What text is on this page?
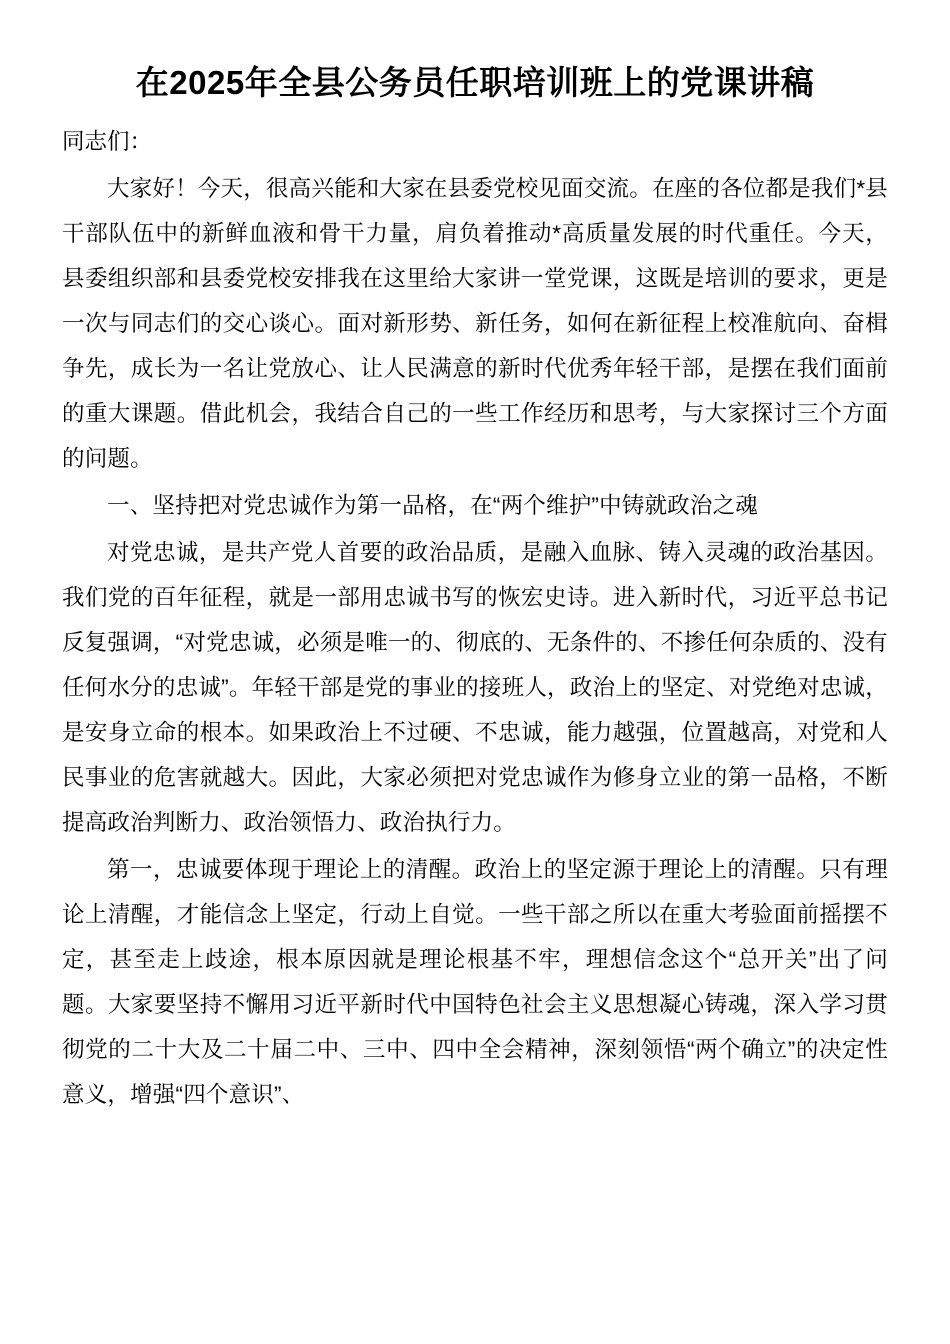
在2025年全县公务员任职培训班上的党课讲稿

同志们：

大家好！今天，很高兴能和大家在县委党校见面交流。在座的各位都是我们*县干部队伍中的新鲜血液和骨干力量，肩负着推动*高质量发展的时代重任。今天，县委组织部和县委党校安排我在这里给大家讲一堂党课，这既是培训的要求，更是一次与同志们的交心谈心。面对新形势、新任务，如何在新征程上校准航向、奋楫争先，成长为一名让党放心、让人民满意的新时代优秀年轻干部，是摆在我们面前的重大课题。借此机会，我结合自己的一些工作经历和思考，与大家探讨三个方面的问题。

一、坚持把对党忠诚作为第一品格，在“两个维护”中铸就政治之魂

对党忠诚，是共产党人首要的政治品质，是融入血脉、铸入灵魂的政治基因。我们党的百年征程，就是一部用忠诚书写的恢宏史诗。进入新时代，习近平总书记反复强调，“对党忠诚，必须是唯一的、彻底的、无条件的、不掺任何杂质的、没有任何水分的忠诚”。年轻干部是党的事业的接班人，政治上的坚定、对党绝对忠诚，是安身立命的根本。如果政治上不过硬、不忠诚，能力越强，位置越高，对党和人民事业的危害就越大。因此，大家必须把对党忠诚作为修身立业的第一品格，不断提高政治判断力、政治领悟力、政治执行力。

第一，忠诚要体现于理论上的清醒。政治上的坚定源于理论上的清醒。只有理论上清醒，才能信念上坚定，行动上自觉。一些干部之所以在重大考验面前摇摆不定，甚至走上歧途，根本原因就是理论根基不牢，理想信念这个“总开关”出了问题。大家要坚持不懈用习近平新时代中国特色社会主义思想凝心铸魂，深入学习贯彻党的二十大及二十届二中、三中、四中全会精神，深刻领悟“两个确立”的决定性意义，增强“四个意识”、
